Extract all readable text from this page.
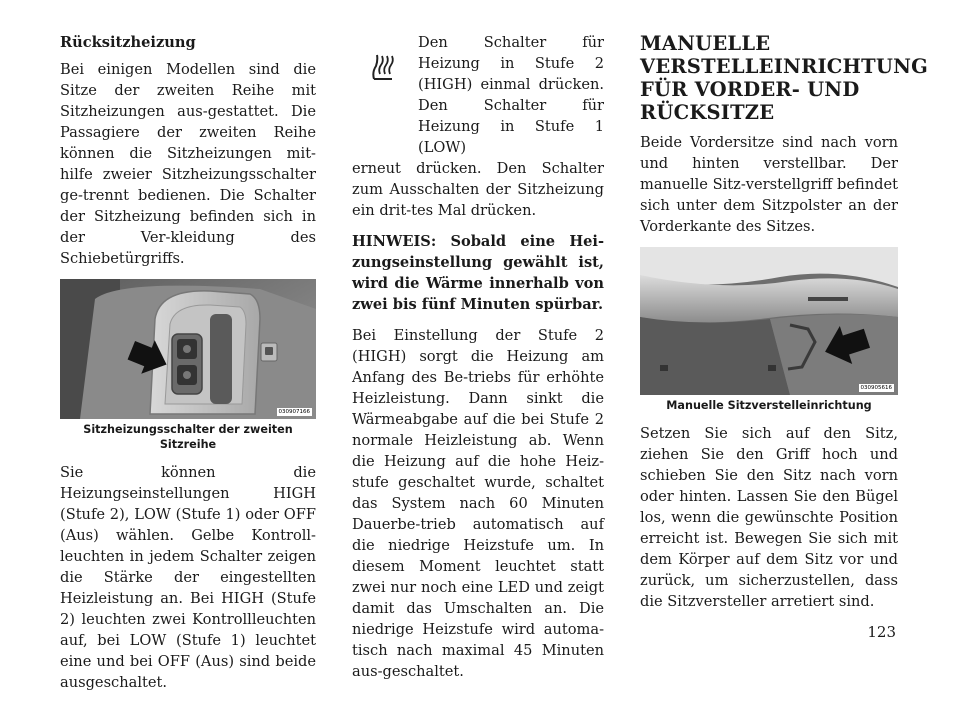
Rücksitzheizung

Bei einigen Modellen sind die Sitze der zweiten Reihe mit Sitzheizungen aus-gestattet. Die Passagiere der zweiten Reihe können die Sitzheizungen mit-hilfe zweier Sitzheizungsschalter ge-trennt bedienen. Die Schalter der Sitzheizung befinden sich in der Ver-kleidung des Schiebetürgriffs.

030907166
Sitzheizungsschalter der zweiten Sitzreihe

Sie können die Heizungseinstellungen HIGH (Stufe 2), LOW (Stufe 1) oder OFF (Aus) wählen. Gelbe Kontroll-leuchten in jedem Schalter zeigen die Stärke der eingestellten Heizleistung an. Bei HIGH (Stufe 2) leuchten zwei Kontrollleuchten auf, bei LOW (Stufe 1) leuchtet eine und bei OFF (Aus) sind beide ausgeschaltet.

Den Schalter für Heizung in Stufe 2 (HIGH) einmal drücken. Den Schalter für Heizung in Stufe 1 (LOW)

erneut drücken. Den Schalter zum Ausschalten der Sitzheizung ein drit-tes Mal drücken.

HINWEIS: Sobald eine Hei-zungseinstellung gewählt ist, wird die Wärme innerhalb von zwei bis fünf Minuten spürbar.

Bei Einstellung der Stufe 2 (HIGH) sorgt die Heizung am Anfang des Be-triebs für erhöhte Heizleistung. Dann sinkt die Wärmeabgabe auf die bei Stufe 2 normale Heizleistung ab. Wenn die Heizung auf die hohe Heiz-stufe geschaltet wurde, schaltet das System nach 60 Minuten Dauerbe-trieb automatisch auf die niedrige Heizstufe um. In diesem Moment leuchtet statt zwei nur noch eine LED und zeigt damit das Umschalten an. Die niedrige Heizstufe wird automa-tisch nach maximal 45 Minuten aus-geschaltet.

MANUELLE VERSTELLEINRICHTUNG FÜR VORDER- UND RÜCKSITZE

Beide Vordersitze sind nach vorn und hinten verstellbar. Der manuelle Sitz-verstellgriff befindet sich unter dem Sitzpolster an der Vorderkante des Sitzes.

030905616
Manuelle Sitzverstelleinrichtung

Setzen Sie sich auf den Sitz, ziehen Sie den Griff hoch und schieben Sie den Sitz nach vorn oder hinten. Lassen Sie den Bügel los, wenn die gewünschte Position erreicht ist. Bewegen Sie sich mit dem Körper auf dem Sitz vor und zurück, um sicherzustellen, dass die Sitzversteller arretiert sind.

123
